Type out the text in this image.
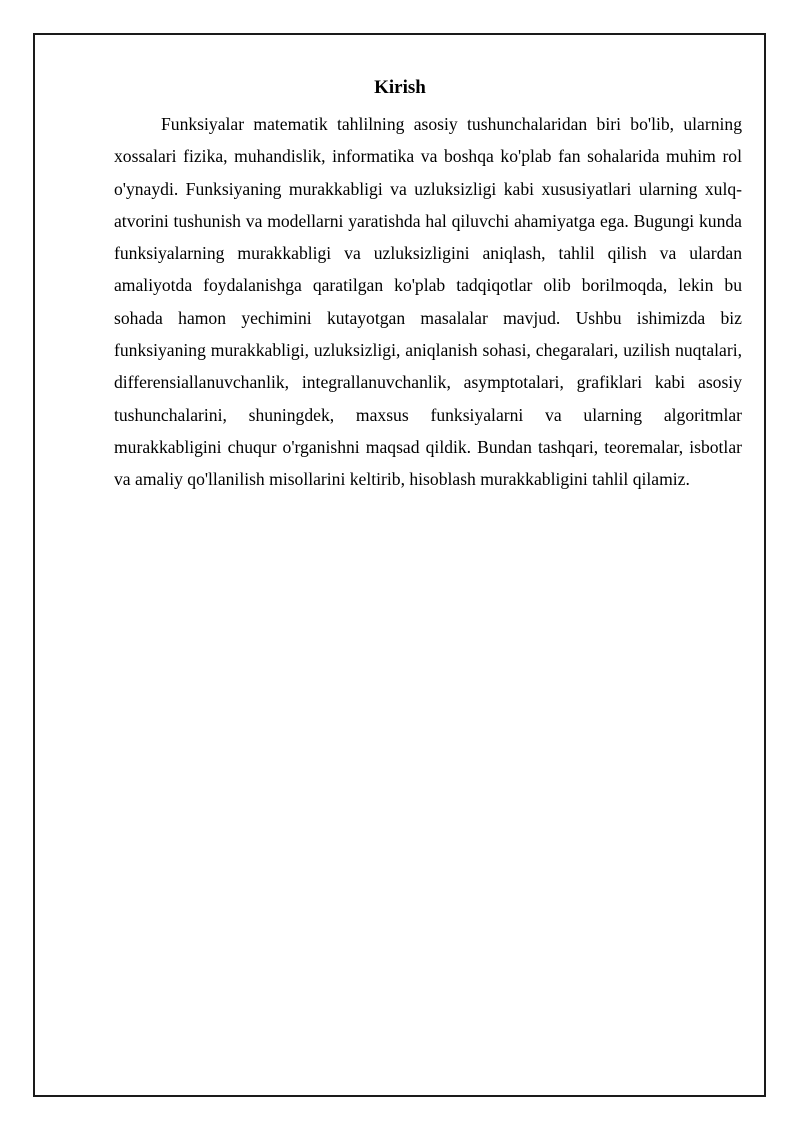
Kirish

Funksiyalar matematik tahlilning asosiy tushunchalaridan biri bo'lib, ularning xossalari fizika, muhandislik, informatika va boshqa ko'plab fan sohalarida muhim rol o'ynaydi. Funksiyaning murakkabligi va uzluksizligi kabi xususiyatlari ularning xulq-atvorini tushunish va modellarni yaratishda hal qiluvchi ahamiyatga ega. Bugungi kunda funksiyalarning murakkabligi va uzluksizligini aniqlash, tahlil qilish va ulardan amaliyotda foydalanishga qaratilgan ko'plab tadqiqotlar olib borilmoqda, lekin bu sohada hamon yechimini kutayotgan masalalar mavjud. Ushbu ishimizda biz funksiyaning murakkabligi, uzluksizligi, aniqlanish sohasi, chegaralari, uzilish nuqtalari, differensiallanuvchanlik, integrallanuvchanlik, asymptotalari, grafiklari kabi asosiy tushunchalarini, shuningdek, maxsus funksiyalarni va ularning algoritmlar murakkabligini chuqur o'rganishni maqsad qildik. Bundan tashqari, teoremalar, isbotlar va amaliy qo'llanilish misollarini keltirib, hisoblash murakkabligini tahlil qilamiz.
